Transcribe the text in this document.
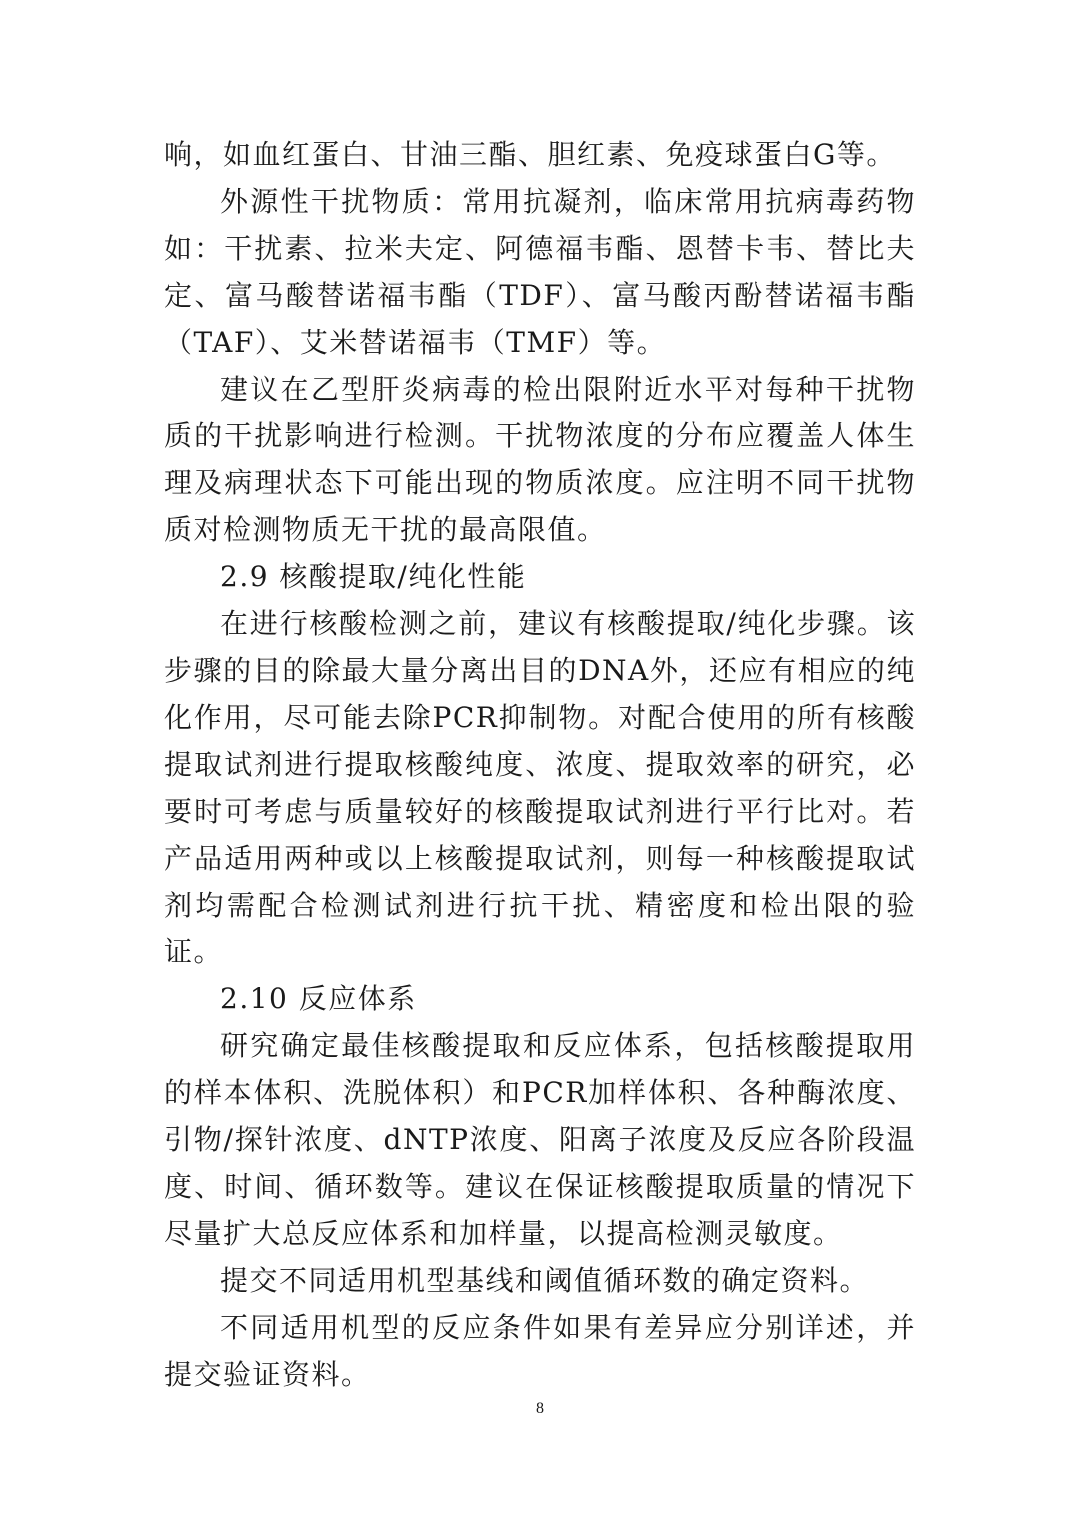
响，如血红蛋白、甘油三酯、胆红素、免疫球蛋白G等。

外源性干扰物质：常用抗凝剂，临床常用抗病毒药物如：干扰素、拉米夫定、阿德福韦酯、恩替卡韦、替比夫定、富马酸替诺福韦酯（TDF）、富马酸丙酚替诺福韦酯（TAF）、艾米替诺福韦（TMF）等。

建议在乙型肝炎病毒的检出限附近水平对每种干扰物质的干扰影响进行检测。干扰物浓度的分布应覆盖人体生理及病理状态下可能出现的物质浓度。应注明不同干扰物质对检测物质无干扰的最高限值。

2.9 核酸提取/纯化性能

在进行核酸检测之前，建议有核酸提取/纯化步骤。该步骤的目的除最大量分离出目的DNA外，还应有相应的纯化作用，尽可能去除PCR抑制物。对配合使用的所有核酸提取试剂进行提取核酸纯度、浓度、提取效率的研究，必要时可考虑与质量较好的核酸提取试剂进行平行比对。若产品适用两种或以上核酸提取试剂，则每一种核酸提取试剂均需配合检测试剂进行抗干扰、精密度和检出限的验证。

2.10 反应体系

研究确定最佳核酸提取和反应体系，包括核酸提取用的样本体积、洗脱体积）和PCR加样体积、各种酶浓度、引物/探针浓度、dNTP浓度、阳离子浓度及反应各阶段温度、时间、循环数等。建议在保证核酸提取质量的情况下尽量扩大总反应体系和加样量，以提高检测灵敏度。

提交不同适用机型基线和阈值循环数的确定资料。

不同适用机型的反应条件如果有差异应分别详述，并提交验证资料。

8
